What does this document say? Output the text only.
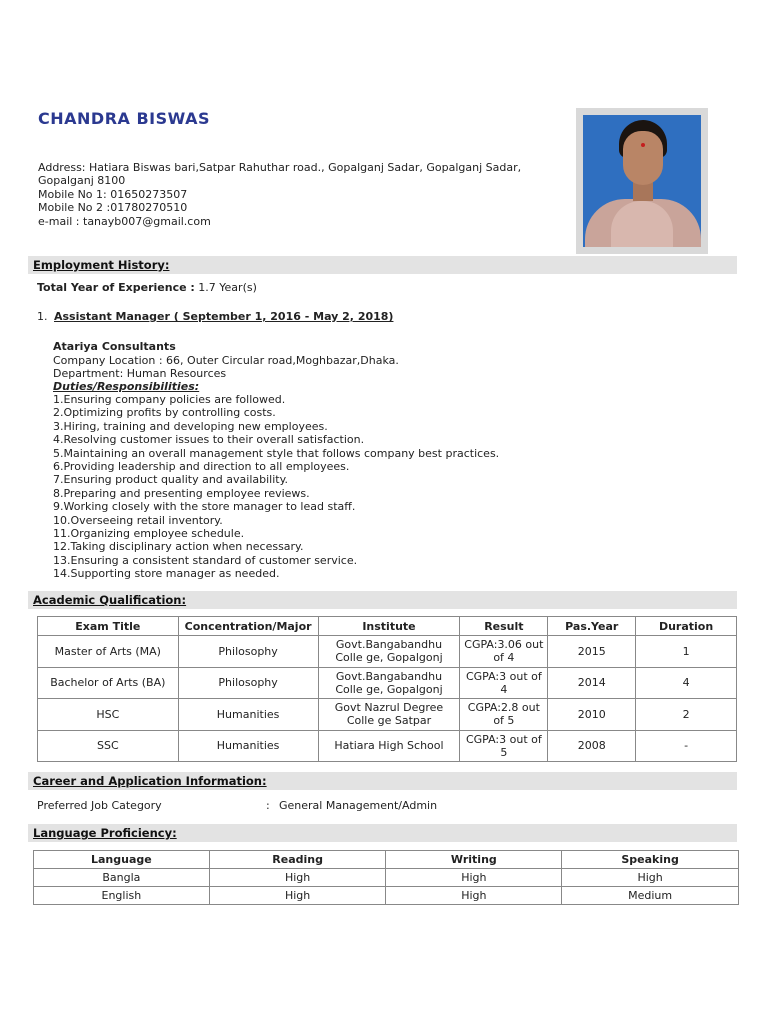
CHANDRA BISWAS
Address: Hatiara Biswas bari,Satpar Rahuthar road., Gopalganj Sadar, Gopalganj Sadar,
Gopalganj 8100
Mobile No 1: 01650273507
Mobile No 2 :01780270510
e-mail : tanayb007@gmail.com
Employment History:
Total Year of Experience : 1.7 Year(s)
1. Assistant Manager ( September 1, 2016 - May 2, 2018)
Atariya Consultants
Company Location : 66, Outer Circular road,Moghbazar,Dhaka.
Department: Human Resources
Duties/Responsibilities:
1.Ensuring company policies are followed.
2.Optimizing profits by controlling costs.
3.Hiring, training and developing new employees.
4.Resolving customer issues to their overall satisfaction.
5.Maintaining an overall management style that follows company best practices.
6.Providing leadership and direction to all employees.
7.Ensuring product quality and availability.
8.Preparing and presenting employee reviews.
9.Working closely with the store manager to lead staff.
10.Overseeing retail inventory.
11.Organizing employee schedule.
12.Taking disciplinary action when necessary.
13.Ensuring a consistent standard of customer service.
14.Supporting store manager as needed.
Academic Qualification:
Exam Title	Concentration/Major	Institute	Result	Pas.Year	Duration
Master of Arts (MA)	Philosophy	Govt.Bangabandhu Colle ge, Gopalgonj	CGPA:3.06 out of 4	2015	1
Bachelor of Arts (BA)	Philosophy	Govt.Bangabandhu Colle ge, Gopalgonj	CGPA:3 out of 4	2014	4
HSC	Humanities	Govt Nazrul Degree Colle ge Satpar	CGPA:2.8 out of 5	2010	2
SSC	Humanities	Hatiara High School	CGPA:3 out of 5	2008	-
Career and Application Information:
Preferred Job Category	: General Management/Admin
Language Proficiency:
Language	Reading	Writing	Speaking
Bangla	High	High	High
English	High	High	Medium
